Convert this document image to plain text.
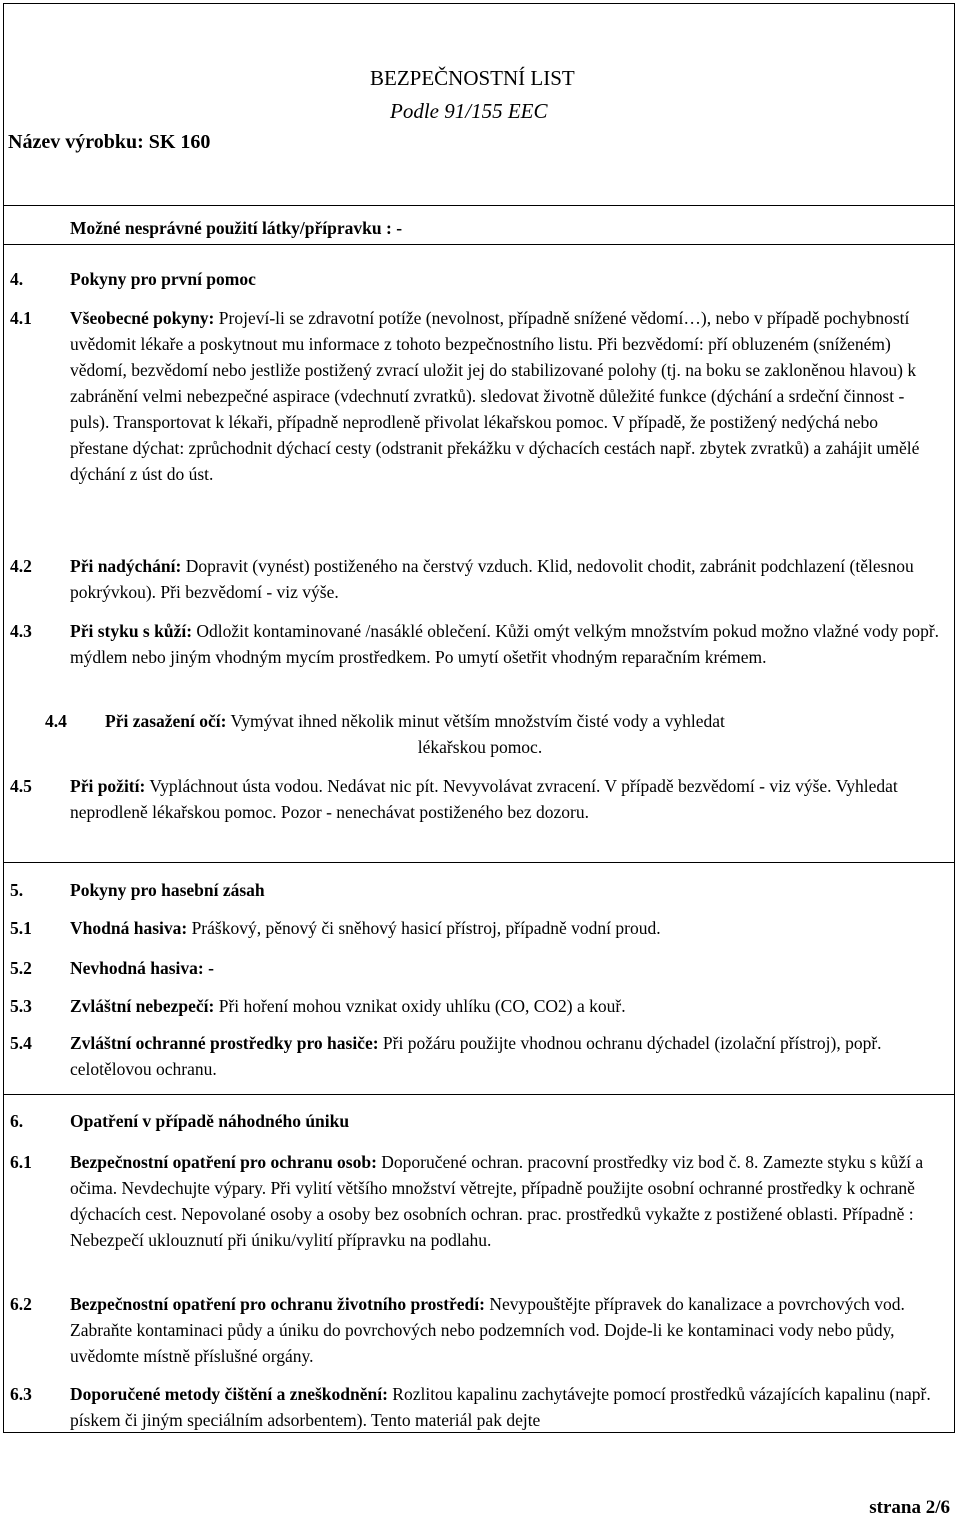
BEZPEČNOSTNÍ LIST
Podle 91/155 EEC
Název výrobku: SK 160
Možné nesprávné použití látky/přípravku : -
4.	Pokyny pro první pomoc
4.1	Všeobecné pokyny: Projeví-li se zdravotní potíže (nevolnost, případně snížené vědomí…), nebo v případě pochybností uvědomit lékaře a poskytnout mu informace z tohoto bezpečnostního listu. Při bezvědomí: pří obluzeném (sníženém) vědomí, bezvědomí nebo jestliže postižený zvrací uložit jej do stabilizované polohy (tj. na boku se zakloněnou hlavou) k zabránění velmi nebezpečné aspirace (vdechnutí zvratků). sledovat životně důležité funkce (dýchání a srdeční činnost - puls). Transportovat k lékaři, případně neprodleně přivolat lékařskou pomoc. V případě, že postižený nedýchá nebo přestane dýchat: zprůchodnit dýchací cesty (odstranit překážku v dýchacích cestách např. zbytek zvratků) a zahájit umělé dýchání z úst do úst.
4.2	Při nadýchání: Dopravit (vynést) postiženého na čerstvý vzduch. Klid, nedovolit chodit, zabránit podchlazení (tělesnou pokrývkou). Při bezvědomí - viz výše.
4.3	Při styku s kůží: Odložit kontaminované /nasáklé oblečení. Kůži omýt velkým množstvím pokud možno vlažné vody popř. mýdlem nebo jiným vhodným mycím prostředkem. Po umytí ošetřit vhodným reparačním krémem.
4.4	Při zasažení očí: Vymývat ihned několik minut větším množstvím čisté vody a vyhledat
lékařskou pomoc.
4.5	Při požití: Vypláchnout ústa vodou. Nedávat nic pít. Nevyvolávat zvracení. V případě bezvědomí - viz výše. Vyhledat neprodleně lékařskou pomoc. Pozor - nenechávat postiženého bez dozoru.
5.	Pokyny pro hasební zásah
5.1	Vhodná hasiva: Práškový, pěnový či sněhový hasicí přístroj, případně vodní proud.
5.2	Nevhodná hasiva: -
5.3	Zvláštní nebezpečí: Při hoření mohou vznikat oxidy uhlíku (CO, CO2) a kouř.
5.4	Zvláštní ochranné prostředky pro hasiče: Při požáru použijte vhodnou ochranu dýchadel (izolační přístroj), popř. celotělovou ochranu.
6.	Opatření v případě náhodného úniku
6.1	Bezpečnostní opatření pro ochranu osob: Doporučené ochran. pracovní prostředky viz bod č. 8. Zamezte styku s kůží a očima. Nevdechujte výpary. Při vylití většího množství větrejte, případně použijte osobní ochranné prostředky k ochraně dýchacích cest. Nepovolané osoby a osoby bez osobních ochran. prac. prostředků vykažte z postižené oblasti. Případně : Nebezpečí uklouznutí při úniku/vylití přípravku na podlahu.
6.2	Bezpečnostní opatření pro ochranu životního prostředí: Nevypouštějte přípravek do kanalizace a povrchových vod. Zabraňte kontaminaci půdy a úniku do povrchových nebo podzemních vod. Dojde-li ke kontaminaci vody nebo půdy, uvědomte místně příslušné orgány.
6.3	Doporučené metody čištění a zneškodnění: Rozlitou kapalinu zachytávejte pomocí prostředků vázajících kapalinu (např. pískem či jiným speciálním adsorbentem). Tento materiál pak dejte
strana 2/6
